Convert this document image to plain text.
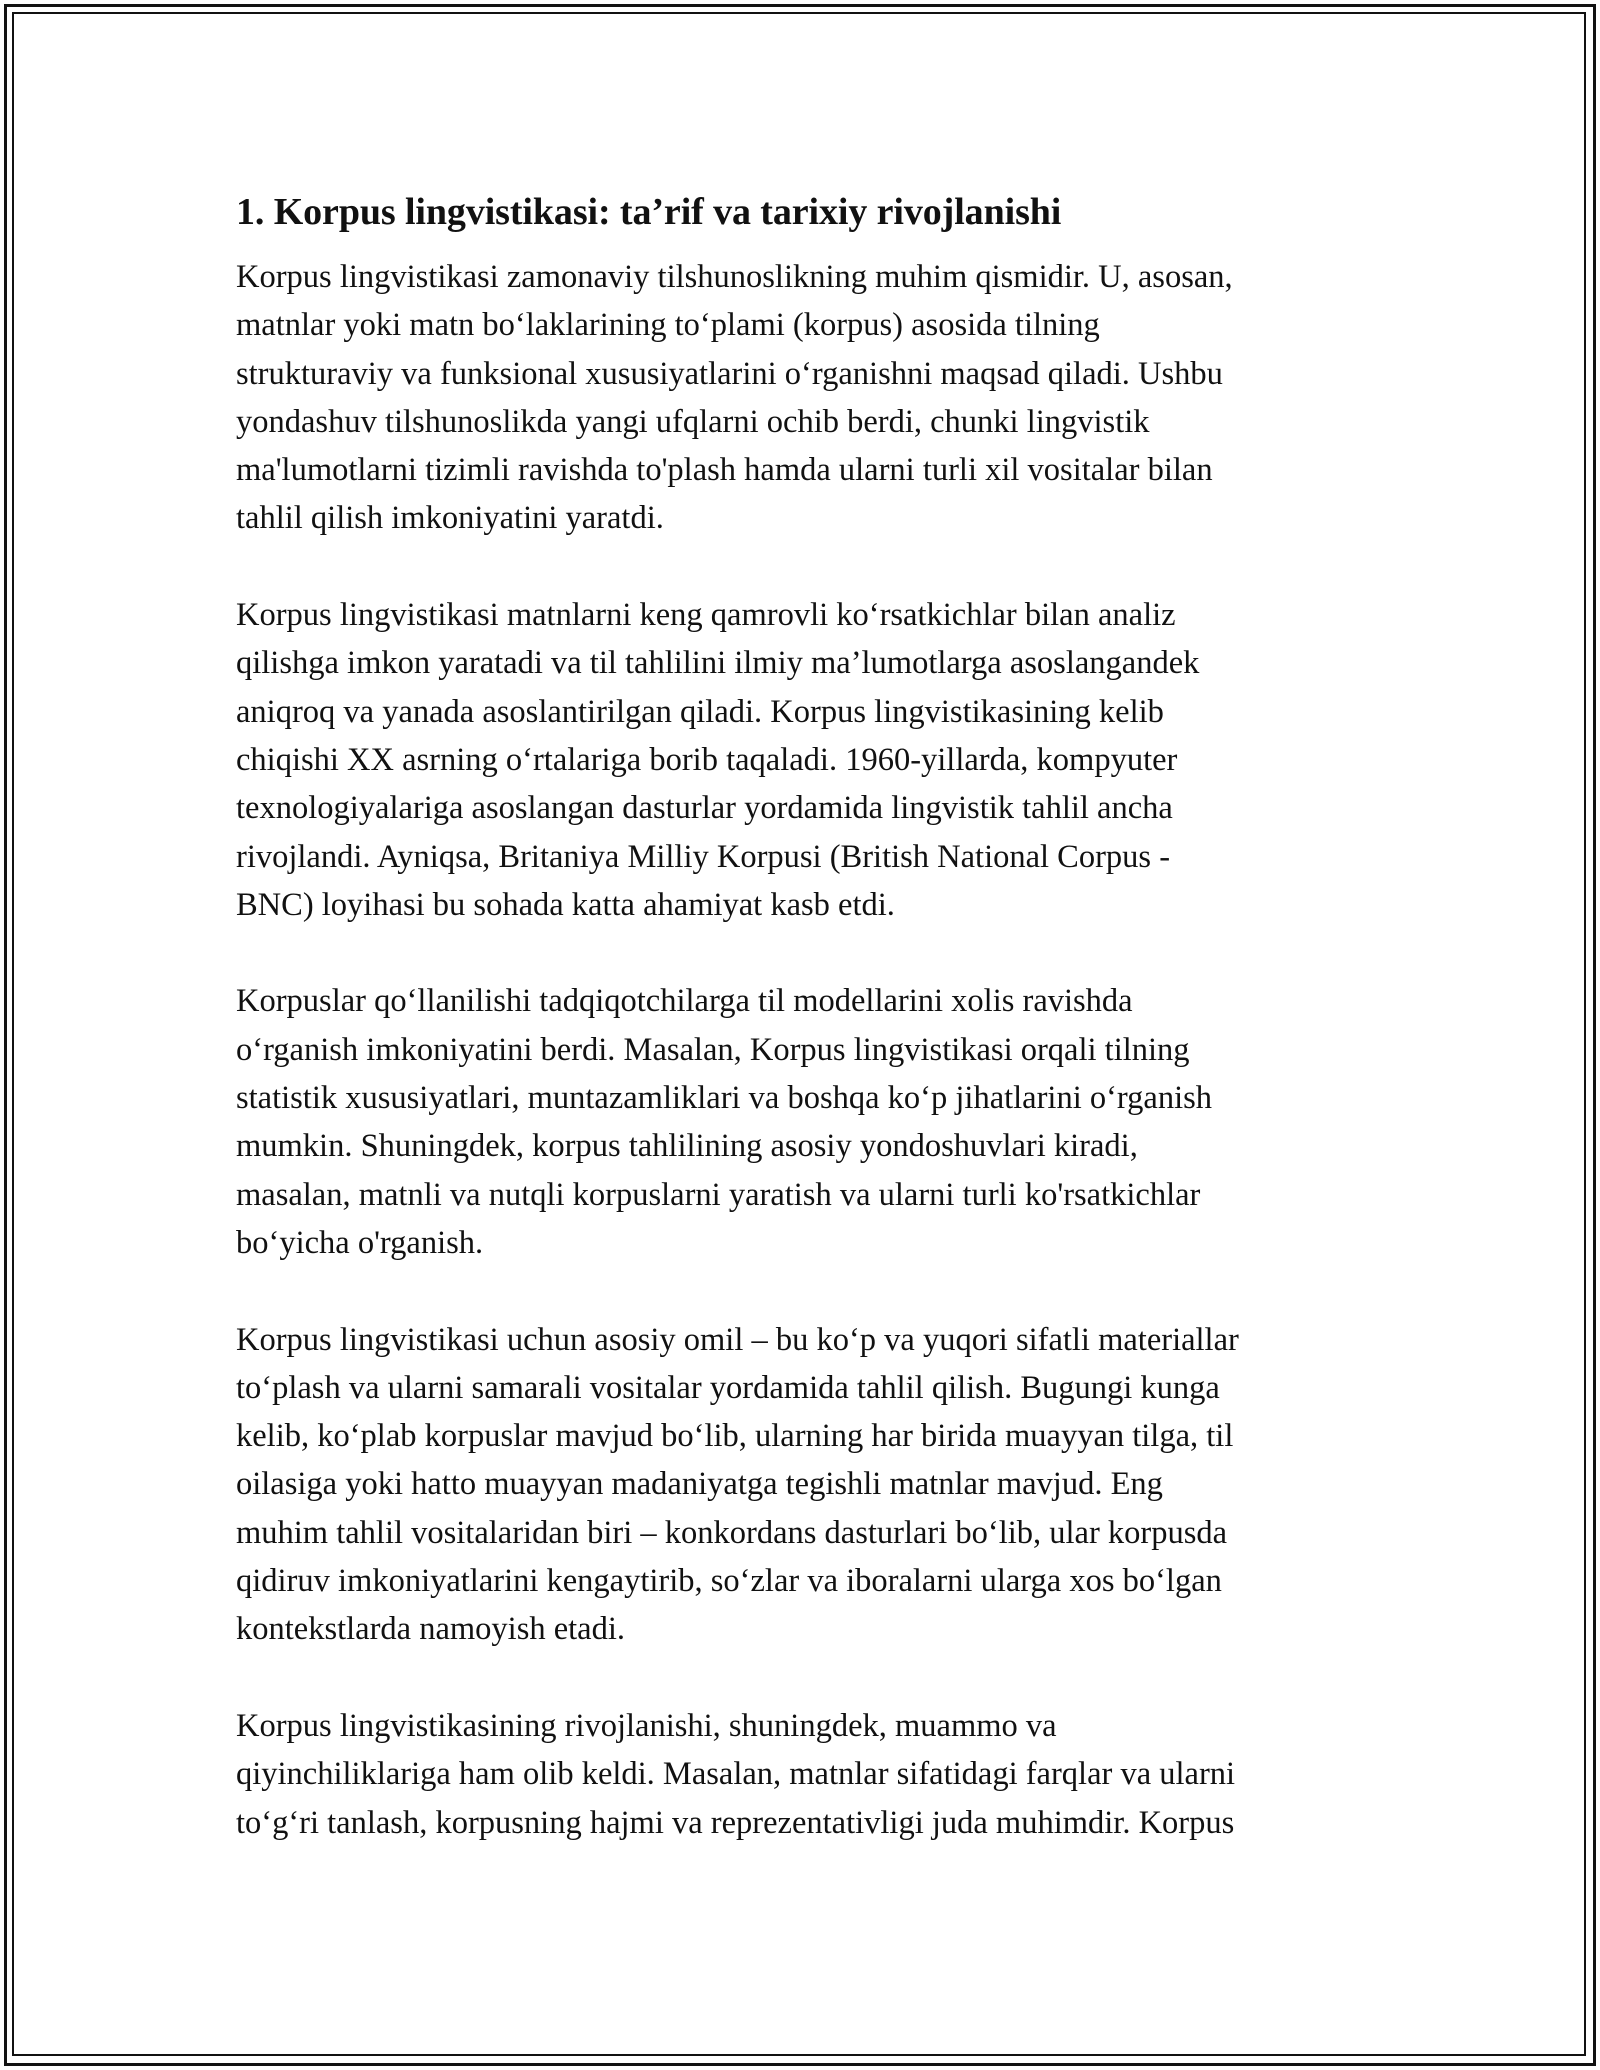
1. Korpus lingvistikasi: ta’rif va tarixiy rivojlanishi

Korpus lingvistikasi zamonaviy tilshunoslikning muhim qismidir. U, asosan,
matnlar yoki matn bo‘laklarining to‘plami (korpus) asosida tilning
strukturaviy va funksional xususiyatlarini o‘rganishni maqsad qiladi. Ushbu
yondashuv tilshunoslikda yangi ufqlarni ochib berdi, chunki lingvistik
ma'lumotlarni tizimli ravishda to'plash hamda ularni turli xil vositalar bilan
tahlil qilish imkoniyatini yaratdi.

Korpus lingvistikasi matnlarni keng qamrovli ko‘rsatkichlar bilan analiz
qilishga imkon yaratadi va til tahlilini ilmiy ma’lumotlarga asoslangandek
aniqroq va yanada asoslantirilgan qiladi. Korpus lingvistikasining kelib
chiqishi XX asrning o‘rtalariga borib taqaladi. 1960-yillarda, kompyuter
texnologiyalariga asoslangan dasturlar yordamida lingvistik tahlil ancha
rivojlandi. Ayniqsa, Britaniya Milliy Korpusi (British National Corpus -
BNC) loyihasi bu sohada katta ahamiyat kasb etdi.

Korpuslar qo‘llanilishi tadqiqotchilarga til modellarini xolis ravishda
o‘rganish imkoniyatini berdi. Masalan, Korpus lingvistikasi orqali tilning
statistik xususiyatlari, muntazamliklari va boshqa ko‘p jihatlarini o‘rganish
mumkin. Shuningdek, korpus tahlilining asosiy yondoshuvlari kiradi,
masalan, matnli va nutqli korpuslarni yaratish va ularni turli ko'rsatkichlar
bo‘yicha o'rganish.

Korpus lingvistikasi uchun asosiy omil – bu ko‘p va yuqori sifatli materiallar
to‘plash va ularni samarali vositalar yordamida tahlil qilish. Bugungi kunga
kelib, ko‘plab korpuslar mavjud bo‘lib, ularning har birida muayyan tilga, til
oilasiga yoki hatto muayyan madaniyatga tegishli matnlar mavjud. Eng
muhim tahlil vositalaridan biri – konkordans dasturlari bo‘lib, ular korpusda
qidiruv imkoniyatlarini kengaytirib, so‘zlar va iboralarni ularga xos bo‘lgan
kontekstlarda namoyish etadi.

Korpus lingvistikasining rivojlanishi, shuningdek, muammo va
qiyinchiliklariga ham olib keldi. Masalan, matnlar sifatidagi farqlar va ularni
to‘g‘ri tanlash, korpusning hajmi va reprezentativligi juda muhimdir. Korpus
